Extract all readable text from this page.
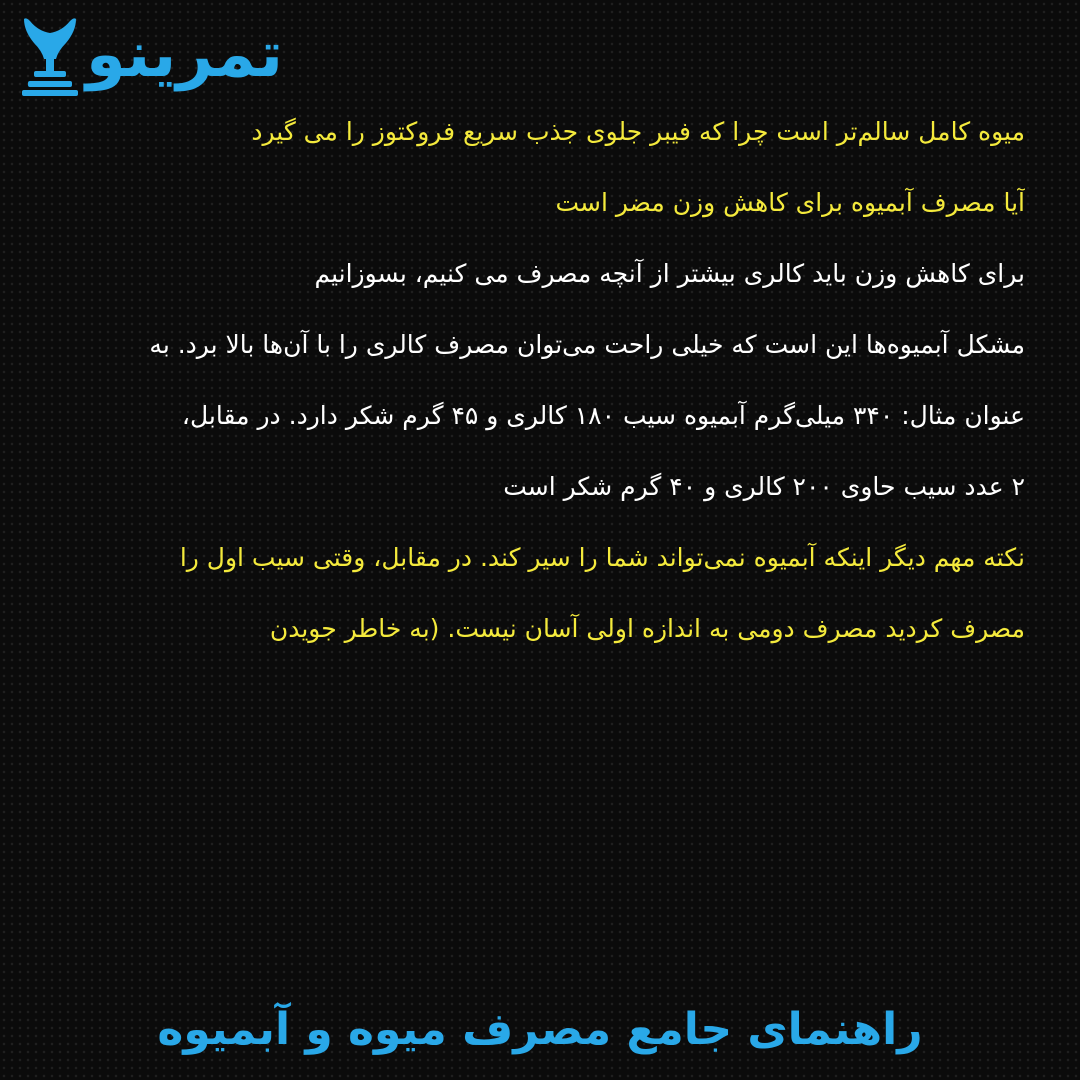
تمرینو
میوه کامل سالم‌تر است چرا که فیبر جلوی جذب سریع فروکتوز را می گیرد
آیا مصرف آبمیوه برای کاهش وزن مضر است
برای کاهش وزن باید کالری بیشتر از آنچه مصرف می کنیم، بسوزانیم
مشکل آبمیوه‌ها این است که خیلی راحت می‌توان مصرف کالری را با آن‌ها بالا برد. به
عنوان مثال: ۳۴۰ میلی‌گرم آبمیوه سیب ۱۸۰ کالری و ۴۵ گرم شکر دارد. در مقابل،
۲ عدد سیب حاوی ۲۰۰ کالری و ۴۰ گرم شکر است
نکته مهم دیگر اینکه آبمیوه نمی‌تواند شما را سیر کند. در مقابل، وقتی سیب اول را
مصرف کردید مصرف دومی به اندازه اولی آسان نیست. (به خاطر جویدن
راهنمای جامع مصرف میوه و آبمیوه
